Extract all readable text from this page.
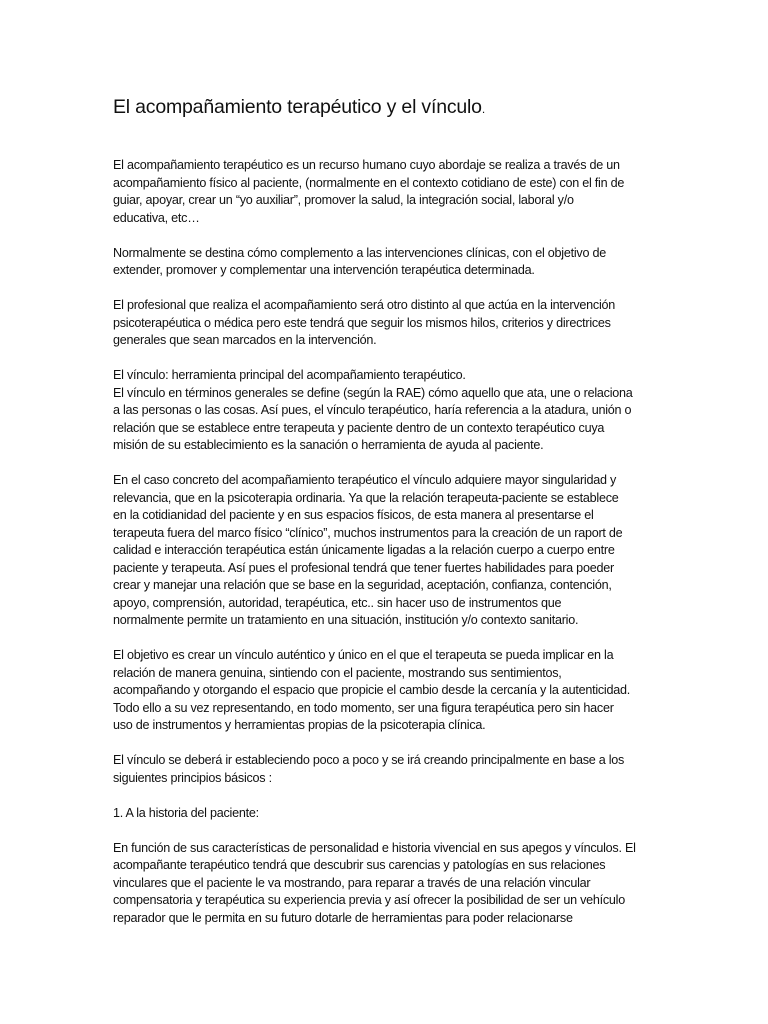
El acompañamiento terapéutico y el vínculo.

El acompañamiento terapéutico es un recurso humano cuyo abordaje se realiza a través de un
acompañamiento físico al paciente, (normalmente en el contexto cotidiano de este) con el fin de
guiar, apoyar, crear un “yo auxiliar”, promover la salud, la integración social, laboral y/o
educativa, etc…

Normalmente se destina cómo complemento a las intervenciones clínicas, con el objetivo de
extender, promover y complementar una intervención terapéutica determinada.

El profesional que realiza el acompañamiento será otro distinto al que actúa en la intervención
psicoterapéutica o médica pero este tendrá que seguir los mismos hilos, criterios y directrices
generales que sean marcados en la intervención.

El vínculo: herramienta principal del acompañamiento terapéutico.
El vínculo en términos generales se define (según la RAE) cómo aquello que ata, une o relaciona
a las personas o las cosas. Así pues, el vínculo terapéutico, haría referencia a la atadura, unión o
relación que se establece entre terapeuta y paciente dentro de un contexto terapéutico cuya
misión de su establecimiento es la sanación o herramienta de ayuda al paciente.

En el caso concreto del acompañamiento terapéutico el vínculo adquiere mayor singularidad y
relevancia, que en la psicoterapia ordinaria. Ya que la relación terapeuta-paciente se establece
en la cotidianidad del paciente y en sus espacios físicos, de esta manera al presentarse el
terapeuta fuera del marco físico “clínico”, muchos instrumentos para la creación de un raport de
calidad e interacción terapéutica están únicamente ligadas a la relación cuerpo a cuerpo entre
paciente y terapeuta. Así pues el profesional tendrá que tener fuertes habilidades para poeder
crear y manejar una relación que se base en la seguridad, aceptación, confianza, contención,
apoyo, comprensión, autoridad, terapéutica, etc.. sin hacer uso de instrumentos que
normalmente permite un tratamiento en una situación, institución y/o contexto sanitario.

El objetivo es crear un vínculo auténtico y único en el que el terapeuta se pueda implicar en la
relación de manera genuina, sintiendo con el paciente, mostrando sus sentimientos,
acompañando y otorgando el espacio que propicie el cambio desde la cercanía y la autenticidad.
Todo ello a su vez representando, en todo momento, ser una figura terapéutica pero sin hacer
uso de instrumentos y herramientas propias de la psicoterapia clínica.

El vínculo se deberá ir estableciendo poco a poco y se irá creando principalmente en base a los
siguientes principios básicos :

1. A la historia del paciente:

En función de sus características de personalidad e historia vivencial en sus apegos y vínculos. El
acompañante terapéutico tendrá que descubrir sus carencias y patologías en sus relaciones
vinculares que el paciente le va mostrando, para reparar a través de una relación vincular
compensatoria y terapéutica su experiencia previa y así ofrecer la posibilidad de ser un vehículo
reparador que le permita en su futuro dotarle de herramientas para poder relacionarse
